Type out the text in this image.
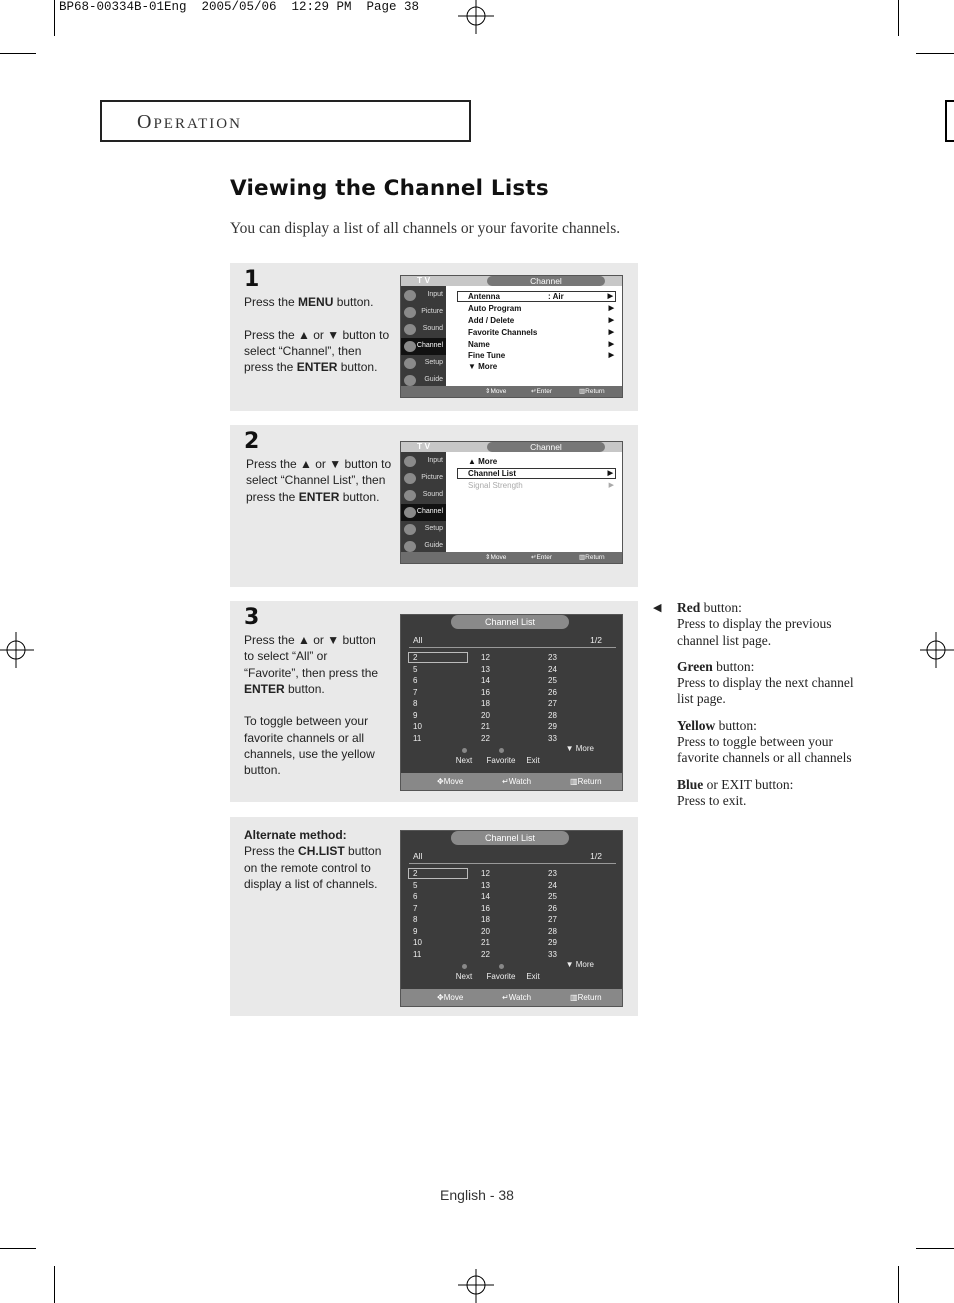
BP68-00334B-01Eng  2005/05/06  12:29 PM  Page 38
OPERATION
Viewing the Channel Lists
You can display a list of all channels or your favorite channels.
1

Press the MENU button.

Press the ▲ or ▼ button to select “Channel”, then press the ENTER button.

T V	Channel
Input
Picture
Sound
Channel
Setup
Guide
Antenna	: Air	▶
Auto Program	▶
Add / Delete	▶
Favorite Channels	▶
Name	▶
Fine Tune	▶
▼ More
⇕ Move	↵ Enter	▥ Return
2

Press the ▲ or ▼ button to select “Channel List”, then press the ENTER button.

T V	Channel
Input
Picture
Sound
Channel
Setup
Guide
▲ More
Channel List	▶
Signal Strength	▶
⇕ Move	↵ Enter	▥ Return
3

Press the ▲ or ▼ button to select “All” or “Favorite”, then press the ENTER button.

To toggle between your favorite channels or all channels, use the yellow button.

Channel List
All	1/2
2
5
6
7
8
9
10
11
12
13
14
16
18
20
21
22
23
24
25
26
27
28
29
33
▼ More
Next	Favorite	Exit
✥ Move	↵ Watch	▥ Return
Alternate method:
Press the CH.LIST button on the remote control to display a list of channels.
Channel List
All	1/2
2
5
6
7
8
9
10
11
12
13
14
16
18
20
21
22
23
24
25
26
27
28
29
33
▼ More
Next	Favorite	Exit
✥ Move	↵ Watch	▥ Return
◀ Red button:
Press to display the previous channel list page.
Green button:
Press to display the next channel list page.
Yellow button:
Press to toggle between your favorite channels or all channels
Blue or EXIT button:
Press to exit.
English - 38
